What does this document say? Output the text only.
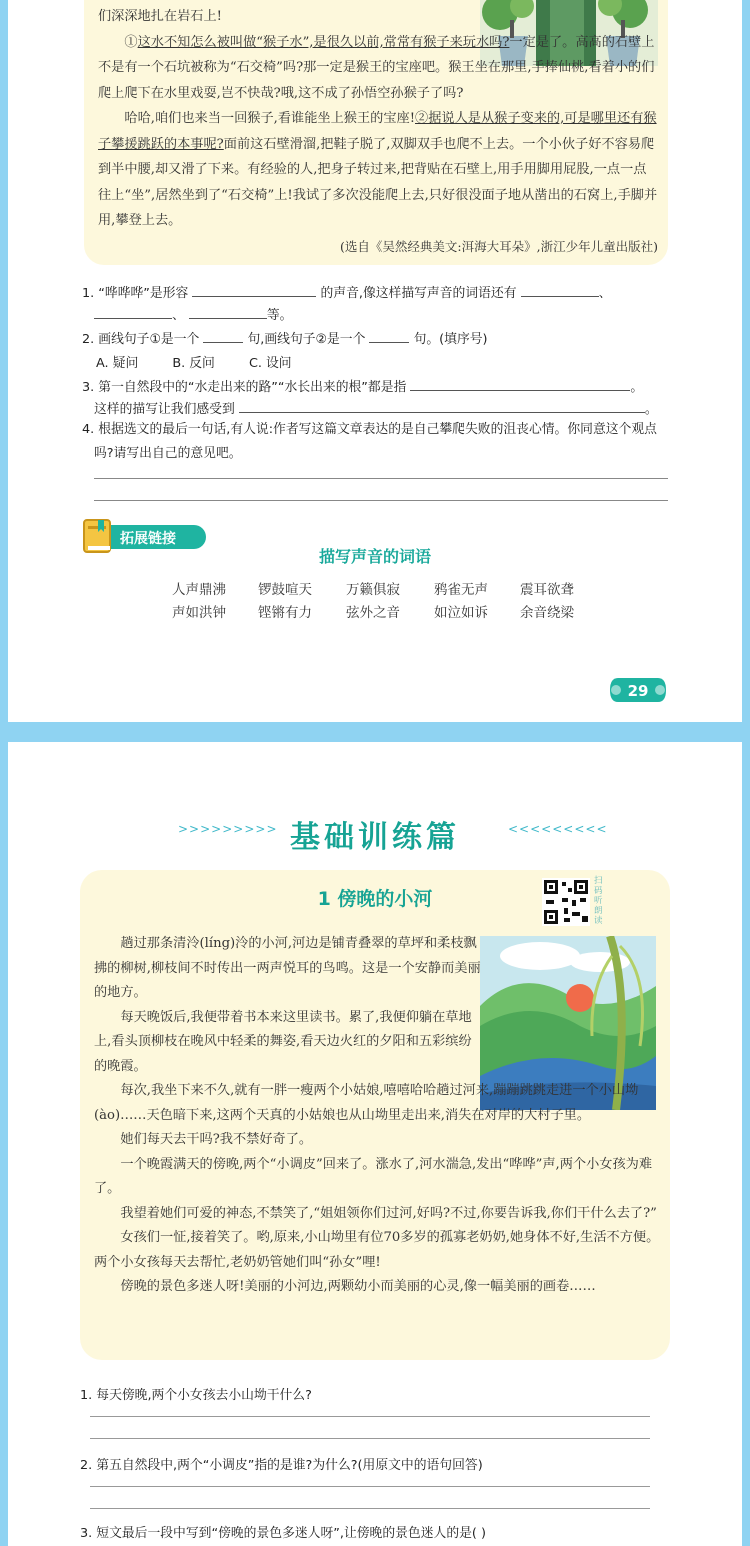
们深深地扎在岩石上!

①这水不知怎么被叫做“猴子水”,是很久以前,常常有猴子来玩水吗?一定是了。高高的石壁上不是有一个石坑被称为“石交椅”吗?那一定是猴王的宝座吧。猴王坐在那里,手捧仙桃,看着小的们爬上爬下在水里戏耍,岂不快哉?哦,这不成了孙悟空孙猴子了吗?

哈哈,咱们也来当一回猴子,看谁能坐上猴王的宝座!②据说人是从猴子变来的,可是哪里还有猴子攀援跳跃的本事呢?面前这石壁滑溜,把鞋子脱了,双脚双手也爬不上去。一个小伙子好不容易爬到半中腰,却又滑了下来。有经验的人,把身子转过来,把背贴在石壁上,用手用脚用屁股,一点一点往上“坐”,居然坐到了“石交椅”上!我试了多次没能爬上去,只好很没面子地从凿出的石窝上,手脚并用,攀登上去。

(选自《吴然经典美文:洱海大耳朵》,浙江少年儿童出版社)

1. “哗哗哗”是形容	的声音,像这样描写声音的词语还有	、
、	等。
2. 画线句子①是一个	句,画线句子②是一个	句。(填序号)
A. 疑问	B. 反问	C. 设问
3. 第一自然段中的“水走出来的路”“水长出来的根”都是指	。
这样的描写让我们感受到	。
4. 根据选文的最后一句话,有人说:作者写这篇文章表达的是自己攀爬失败的沮丧心情。你同意这个观点
吗?请写出自己的意见吧。
拓展链接
描写声音的词语
人声鼎沸 锣鼓喧天	万籁俱寂	鸦雀无声 震耳欲聋
声如洪钟 铿锵有力	弦外之音	如泣如诉 余音绕梁
29
>>>>>>>>>	<<<<<<<<<
基础训练篇
1 傍晚的小河
扫码听朗读

趟过那条清泠(líng)泠的小河,河边是铺青叠翠的草坪和柔枝飘拂的柳树,柳枝间不时传出一两声悦耳的鸟鸣。这是一个安静而美丽的地方。

每天晚饭后,我便带着书本来这里读书。累了,我便仰躺在草地上,看头顶柳枝在晚风中轻柔的舞姿,看天边火红的夕阳和五彩缤纷的晚霞。

每次,我坐下来不久,就有一胖一瘦两个小姑娘,嘻嘻哈哈趟过河来,蹦蹦跳跳走进一个小山坳(ào)……天色暗下来,这两个天真的小姑娘也从山坳里走出来,消失在对岸的大村子里。

她们每天去干吗?我不禁好奇了。

一个晚霞满天的傍晚,两个“小调皮”回来了。涨水了,河水湍急,发出“哗哗”声,两个小女孩为难了。

我望着她们可爱的神态,不禁笑了,“姐姐领你们过河,好吗?不过,你要告诉我,你们干什么去了?”

女孩们一怔,接着笑了。哟,原来,小山坳里有位70多岁的孤寡老奶奶,她身体不好,生活不方便。两个小女孩每天去帮忙,老奶奶管她们叫“孙女”哩!

傍晚的景色多迷人呀!美丽的小河边,两颗幼小而美丽的心灵,像一幅美丽的画卷……

1. 每天傍晚,两个小女孩去小山坳干什么?
2. 第五自然段中,两个“小调皮”指的是谁?为什么?(用原文中的语句回答)
3. 短文最后一段中写到“傍晚的景色多迷人呀”,让傍晚的景色迷人的是( )
